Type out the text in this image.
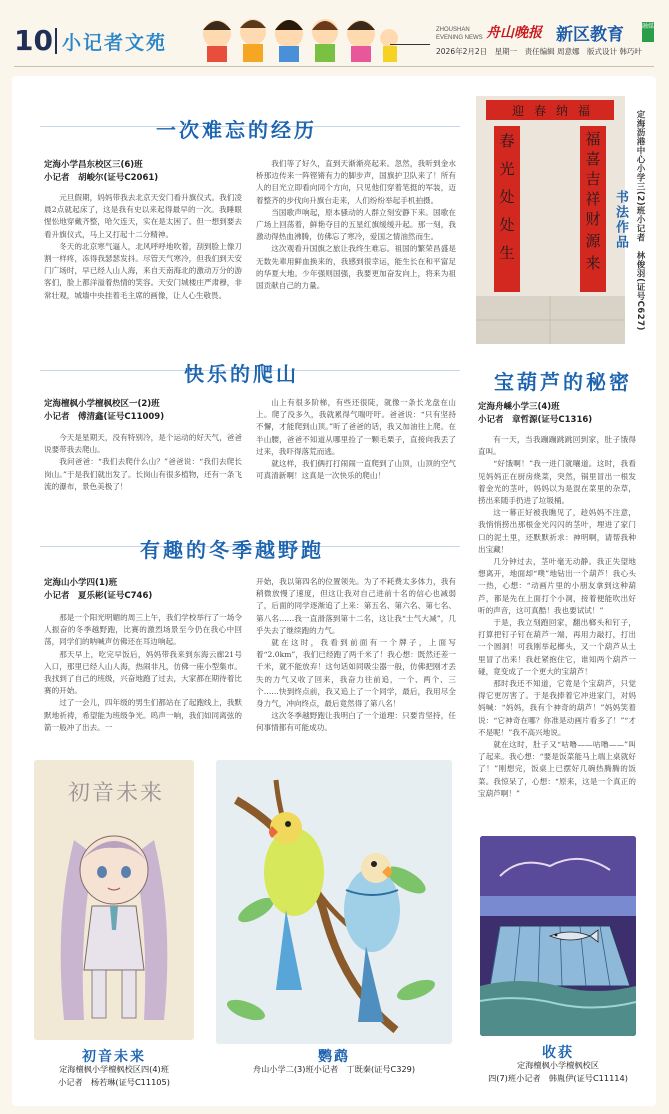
10 小记者文苑
ZHOUSHAN
EVENING NEWS 舟山晚报 新区教育	融媒
2026年2月2日　星期一　责任编辑 周意娜　版式设计 韩巧叶
一次难忘的经历
定海小学昌东校区三(6)班
小记者　胡峻尔(证号C2061)

元旦假期，妈妈带我去北京天安门看升旗仪式。我们凌晨2点就起床了，这是我有史以来起得最早的一次。我睡眼惺忪地穿戴齐整，哈欠连天，实在是太困了。但一想到要去看升旗仪式，马上又打起十二分精神。

冬天的北京寒气逼人，北风呼呼地吹着，刮到脸上像刀割一样疼，冻得我瑟瑟发抖。尽管天气寒冷，但我们到天安门广场时，早已经人山人海，来自天南海北的激动万分的游客们，脸上都洋溢着热情的笑容。天安门城楼庄严肃穆，非常壮观，城墙中央挂着毛主席的画像，让人心生敬畏。

我们等了好久，直到天渐渐亮起来。忽然，我听到金水桥那边传来一阵铿锵有力的脚步声，国旗护卫队来了！所有人的目光立即看向同个方向，只见他们穿着笔挺的军装，迈着整齐的步伐向升旗台走来，人们纷纷举起手机拍摄。

当国歌声响起，原本骚动的人群立刻安静下来。国歌在广场上回荡着，鲜艳夺目的五星红旗缓缓升起。那一刻，我激动得热血沸腾，仿佛忘了寒冷，爱国之情油然而生。

这次观看升国旗之旅让我终生难忘。祖国的繁荣昌盛是无数先辈用鲜血换来的，我感到很幸运，能生长在和平富足的华夏大地。少年强则国强，我要更加奋发向上，将来为祖国贡献自己的力量。

快乐的爬山
定海檀枫小学檀枫校区一(2)班
小记者　傅清鑫(证号C11009)

今天是星期天，没有特别冷，是个运动的好天气，爸爸说要带我去爬山。

我问爸爸：“我们去爬什么山？”爸爸说：“我们去爬长岗山。”于是我们就出发了。长岗山有很多植物，还有一条飞流的瀑布，景色美极了！

山上有很多阶梯，有些还很陡，就像一条长龙盘在山上。爬了没多久，我就累得气喘吁吁。爸爸说：“只有坚持不懈，才能爬到山顶。”听了爸爸的话，我又加油往上爬。在半山腰，爸爸不知道从哪里捡了一颗毛栗子，直接向我丢了过来，我吓得落荒而逃。

就这样，我们俩打打闹闹一直爬到了山顶，山顶的空气可真清新啊！这真是一次快乐的爬山！

有趣的冬季越野跑
定海山小学四(1)班
小记者　夏乐彬(证号C746)

那是一个阳光明媚的周三上午，我们学校举行了一场令人振奋的冬季越野跑，比赛的激烈场景至今仍在我心中回荡，同学们的呐喊声仿佛还在耳边响起。

那天早上，吃完早饭后，妈妈带我来到东海云廊21号入口，那里已经人山人海，热闹非凡，仿佛一座小型集市。我找到了自己的班级，兴奋地跑了过去，大家都在期待着比赛的开始。

过了一会儿，四年级的男生们都站在了起跑线上，我默默地祈祷，希望能为班级争光。呜声一响，我们如同离弦的箭一般冲了出去。一

开始，我以第四名的位置领先。为了不耗费太多体力，我有稍微放慢了速度，但这让我对自己进前十名的信心也减弱了，后面的同学逐渐追了上来：第五名、第六名、第七名、第八名……我一直滑落到第十二名，这让我“士气大减”，几乎失去了继续跑的力气。

就在这时，我看到前面有一个牌子，上面写着“2.0km”，我们已经跑了两千米了！我心想：既然还差一千米，就不能放弃！这句话如同吸尘器一般，仿佛把刚才丢失的力气又收了回来，我奋力往前追，一个、两个、三个……快到终点前，我又追上了一个同学，最后，我用尽全身力气，冲向终点，最后竟然得了第八名！

这次冬季越野跑让我明白了一个道理：只要肯坚持，任何事情都有可能成功。

迎 春 纳 福
春
光
处
处
生
福
喜
吉
祥
财
源
来
书法作品 定海沥港中心小学三(2)班小记者　林俊羽(证号C627)
宝葫芦的秘密
定海舟嵊小学三(4)班
小记者　章哲源(证号C1316)

有一天，当我蹦蹦跳跳回到家，肚子饿得直叫。

“好饿啊！”我一进门就嚷道。这时，我看见妈妈正在厨房烧菜，突然，锅里冒出一根发着金光的茎叶，妈妈以为是混在菜里的杂草，捞出来随手扔进了垃圾桶。

这一幕正好被我瞧见了，趁妈妈不注意，我悄悄捞出那根金光闪闪的茎叶，埋进了家门口的泥土里，还默默祈求：神明啊，请帮我种出宝藏！

几分钟过去，茎叶毫无动静。我正失望地想离开，地面却“噗”地钻出一个葫芦！我心头一热，心想：“动画片里的小朋友拿到这种葫芦，都是先在上面打个小洞，接着便能吹出好听的声音，这可真酷！我也要试试！”

于是，我立刻跑回家，翻出榔头和钉子，打算把钉子钉在葫芦一端，再用力敲打，打出一个圆洞！可我刚举起榔头，又一个葫芦从土里冒了出来！我赶紧抱住它，谁知两个葫芦一碰，竟变成了一个更大的宝葫芦！

那时我还不知道，它竟是个宝葫芦，只觉得它更厉害了。于是我捧着它冲进家门，对妈妈喊：“妈妈，我有个神奇的葫芦！”妈妈笑着说：“它神奇在哪？你准是动画片看多了！”“才不是呢！”我不高兴地说。

就在这时，肚子又“咕噜——咕噜——”叫了起来。我心想：“要是饭菜能马上端上桌就好了！”刚想完，饭桌上已摆好几碗热腾腾的饭菜。我惊呆了，心想：“原来，这是一个真正的宝葫芦啊！”

初音未来
初音未来
定海檀枫小学檀枫校区四(4)班
小记者　杨若琳(证号C11105)
鹦鹉
舟山小学二(3)班小记者　丁既秦(证号C329)
收获
定海檀枫小学檀枫校区
四(7)班小记者　韩胤伊(证号C11114)
